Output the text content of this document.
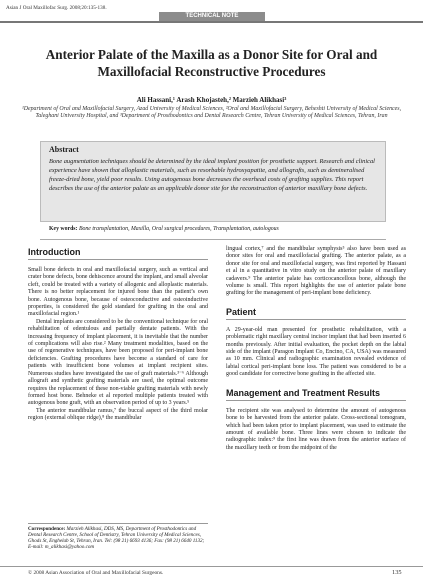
Asian J Oral Maxillofac Surg. 2008;20:135-138.
TECHNICAL NOTE
Anterior Palate of the Maxilla as a Donor Site for Oral and Maxillofacial Reconstructive Procedures
Ali Hassani,¹ Arash Khojasteh,² Marzieh Alikhasi³
¹Department of Oral and Maxillofacial Surgery, Azad University of Medical Sciences, ²Oral and Maxillofacial Surgery, Beheshti University of Medical Sciences, Taleghani University Hospital, and ³Department of Prosthodontics and Dental Research Centre, Tehran University of Medical Sciences, Tehran, Iran
Abstract

Bone augmentation techniques should be determined by the ideal implant position for prosthetic support. Research and clinical experience have shown that alloplastic materials, such as resorbable hydroxyapatite, and allografts, such as demineralised freeze-dried bone, yield poor results. Using autogenous bone decreases the overhead costs of grafting supplies. This report describes the use of the anterior palate as an applicable donor site for the reconstruction of anterior maxillary bone defects.

Key words: Bone transplantation, Maxilla, Oral surgical procedures, Transplantation, autologous
Introduction

Small bone defects in oral and maxillofacial surgery, such as vertical and crater bone defects, bone dehiscence around the implant, and small alveolar cleft, could be treated with a variety of allogenic and alloplastic materials. There is no better replacement for injured bone than the patient’s own bone. Autogenous bone, because of osteoconductive and osteoinductive properties, is considered the gold standard for grafting in the oral and maxillofacial region.¹

Dental implants are considered to be the conventional technique for oral rehabilitation of edentulous and partially dentate patients. With the increasing frequency of implant placement, it is inevitable that the number of complications will also rise.² Many treatment modalities, based on the use of regenerative techniques, have been proposed for peri-implant bone deficiencies. Grafting procedures have become a standard of care for patients with insufficient bone volumes at implant recipient sites. Numerous studies have investigated the use of graft materials.³⁻⁶ Although allograft and synthetic grafting materials are used, the optimal outcome requires the replacement of these non-viable grafting materials with newly formed host bone. Behneke et al reported multiple patients treated with autogenous bone graft, with an observation period of up to 3 years.⁵

The anterior mandibular ramus,⁷ the buccal aspect of the third molar region (external oblique ridge),⁸ the mandibular

lingual cortex,⁷ and the mandibular symphysis⁵ also have been used as donor sites for oral and maxillofacial grafting. The anterior palate, as a donor site for oral and maxillofacial surgery, was first reported by Hassani et al in a quantitative in vitro study on the anterior palate of maxillary cadavers.⁹ The anterior palate has corticocancellous bone, although the volume is small. This report highlights the use of anterior palate bone grafting for the management of peri-implant bone deficiency.

Patient

A 29-year-old man presented for prosthetic rehabilitation, with a problematic right maxillary central incisor implant that had been inserted 6 months previously. After initial evaluation, the pocket depth on the labial side of the implant (Paragon Implant Co, Encino, CA, USA) was measured as 10 mm. Clinical and radiographic examination revealed evidence of labial cortical peri-implant bone loss. The patient was considered to be a good candidate for corrective bone grafting in the affected site.

Management and Treatment Results

The recipient site was analysed to determine the amount of autogenous bone to be harvested from the anterior palate. Cross-sectional tomogram, which had been taken prior to implant placement, was used to estimate the amount of available bone. Three lines were chosen to indicate the radiographic index:⁹ the first line was drawn from the anterior surface of the maxillary teeth or from the midpoint of the

Correspondence: Marzieh Alikhasi, DDS, MS, Department of Prosthodontics and Dental Research Centre, School of Dentistry, Tehran University of Medical Sciences, Ghods St, Enghelab St, Tehran, Iran. Tel: (98 21) 6693 4136; Fax: (98 21) 6640 1132; E-mail: m_alikhasi@yahoo.com
© 2008 Asian Association of Oral and Maxillofacial Surgeons.	135
